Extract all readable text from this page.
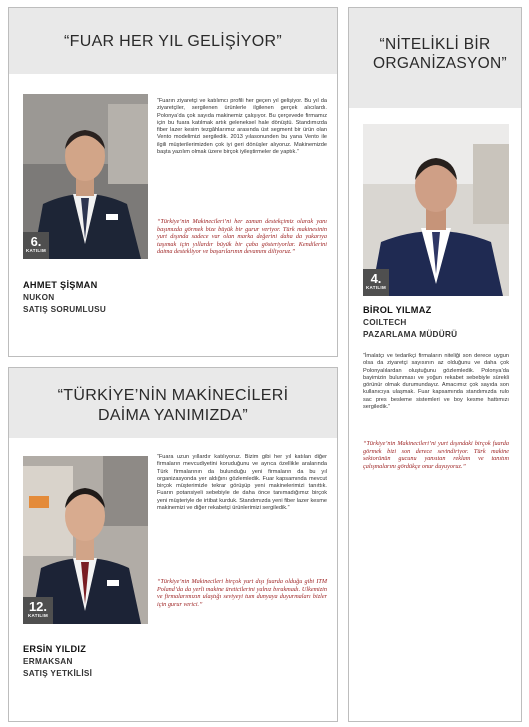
“FUAR HER YIL GELİŞİYOR”
6.
KATILIM
AHMET ŞİŞMAN
NUKON
SATIŞ SORUMLUSU
“Fuarın ziyaretçi ve katılımcı profili her geçen yıl gelişiyor. Bu yıl da ziyaretçiler, sergilenen ürünlerle ilgilenen gerçek alıcılardı. Polonya’da çok sayıda makinemiz çalışıyor. Bu çerçevede firmamız için bu fuara katılmak artık geleneksel hale dönüştü. Standımızda fiber lazer kesim tezgâhlarımız arasında üst segment bir ürün olan Vento modelimizi sergiledik. 2013 yılasonunden bu yana Vento ile ilgili müşterilerimizden çok iyi geri dönüşler alıyoruz. Makinemizde başta yazılım olmak üzere birçok iyileştirmeler de yaptık.”
“Türkiye’nin Makinecileri’ni her zaman destekçimiz olarak yanı başımızda görmek bize büyük bir gurur veriyor. Türk makinesinin yurt dışında sadece var olan marka değerini daha da yukarıya taşımak için yıllardır büyük bir çaba gösteriyorlar. Kendilerini daima destekliyor ve başarılarının devamını diliyoruz.”
“NİTELİKLİ BİR ORGANİZASYON”
4.
KATILIM
BİROL YILMAZ
COILTECH
PAZARLAMA MÜDÜRÜ
“İmalatçı ve tedarikçi firmaların niteliği son derece uygun olsa da ziyaretçi sayısının az olduğunu ve daha çok Polonyalılardan oluştuğunu gözlemledik. Polonya’da bayimizin bulunması ve yoğun rekabet sebebiyle sürekli görünür olmak durumundayız. Amacımız çok sayıda son kullanıcıya ulaşmak. Fuar kapsamında standımızda rulo sac pres besleme sistemleri ve boy kesme hattımızı sergiledik.”
“Türkiye’nin Makinecileri’ni yurt dışındaki birçok fuarda görmek bizi son derece sevindiriyor. Türk makine sektorünün gucunu yansıtan reklam ve tanıtım çalışmalarını gördükçe onur duyuyoruz.”
“TÜRKİYE’NİN MAKİNECİLERİ
DAİMA YANIMIZDA”
12.
KATILIM
ERSİN YILDIZ
ERMAKSAN
SATIŞ YETKİLİSİ
“Fuara uzun yıllardır katılıyoruz. Bizim gibi her yıl katılan diğer firmaların mevcudiyetini koruduğunu ve ayrıca özellikle aralarında Türk firmalarının da bulunduğu yeni firmaların da bu yıl organizasyonda yer aldığını gözlemledik. Fuar kapsamında mevcut birçok müşterimizle tekrar görüşüp yeni makinelerimizi tanıttık. Fuarın potansiyeli sebebiyle de daha önce tanımadığımız birçok yeni müşteriyle de irtibat kurduk. Standımızda yeni fiber lazer kesme makinemizi ve diğer rekabetçi ürünlerimizi sergiledik.”
“Türkiye’nin Makinecileri birçok yurt dışı fuarda olduğu gibi ITM Poland’da da yerli makine üreticilerini yalnız bırakmadı. Ulkemizin ve firmalarımızın ulaştığı seviyeyi tum dunyaya duyurmaları bizler için gurur verici.”
